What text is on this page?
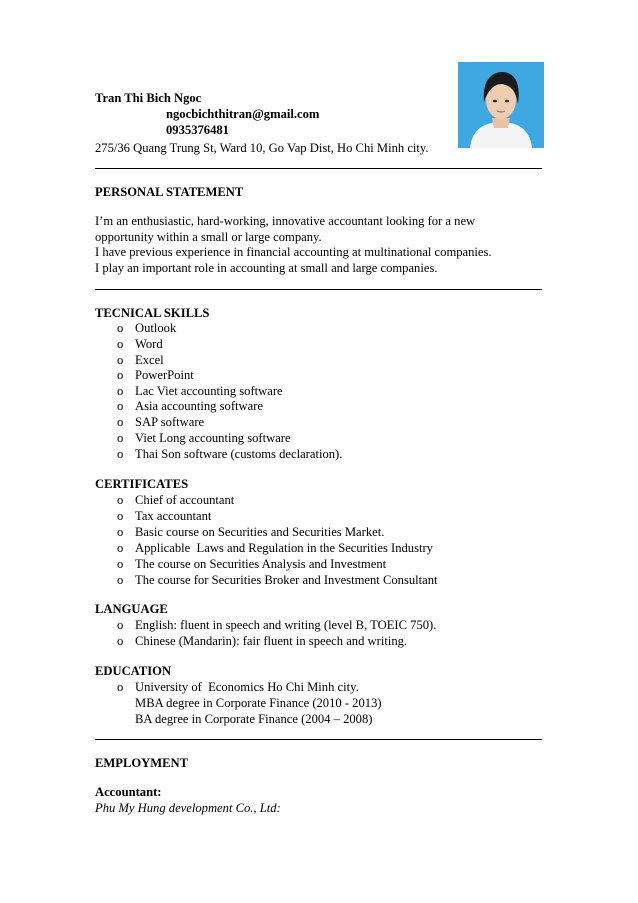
Tran Thi Bich Ngoc
ngocbichthitran@gmail.com
0935376481
275/36 Quang Trung St, Ward 10, Go Vap Dist, Ho Chi Minh city.
PERSONAL STATEMENT
I’m an enthusiastic, hard-working, innovative accountant looking for a new
opportunity within a small or large company.
I have previous experience in financial accounting at multinational companies.
I play an important role in accounting at small and large companies.
TECNICAL SKILLS
o Outlook
o Word
o Excel
o PowerPoint
o Lac Viet accounting software
o Asia accounting software
o SAP software
o Viet Long accounting software
o Thai Son software (customs declaration).
CERTIFICATES
o Chief of accountant
o Tax accountant
o Basic course on Securities and Securities Market.
o Applicable  Laws and Regulation in the Securities Industry
o The course on Securities Analysis and Investment
o The course for Securities Broker and Investment Consultant
LANGUAGE
o English: fluent in speech and writing (level B, TOEIC 750).
o Chinese (Mandarin): fair fluent in speech and writing.
EDUCATION
o University of  Economics Ho Chi Minh city.
MBA degree in Corporate Finance (2010 - 2013)
BA degree in Corporate Finance (2004 – 2008)
EMPLOYMENT
Accountant:
Phu My Hung development Co., Ltd:
